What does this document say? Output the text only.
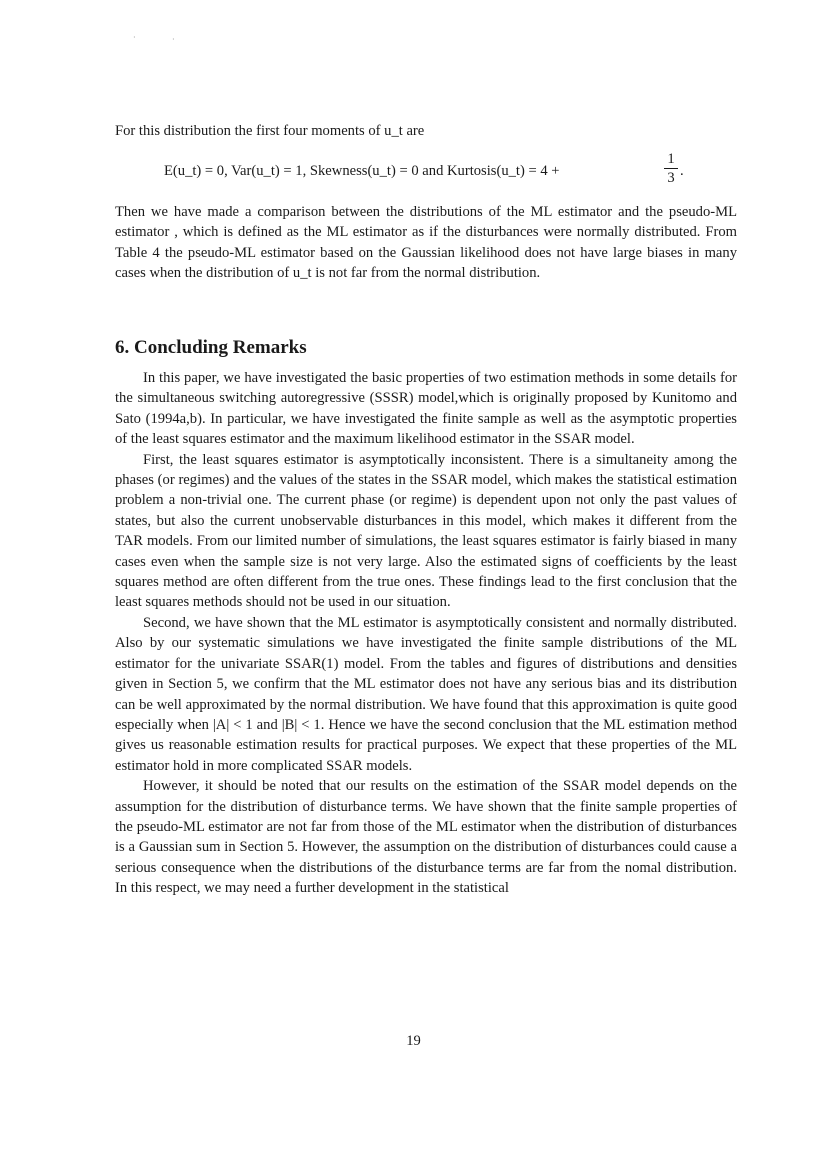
·	·

For this distribution the first four moments of u_t are

E(u_t) = 0, Var(u_t) = 1, Skewness(u_t) = 0 and Kurtosis(u_t) = 4 +	$\frac{1}{3}$ .

Then we have made a comparison between the distributions of the ML estimator and the pseudo-ML estimator , which is defined as the ML estimator as if the disturbances were normally distributed. From Table 4 the pseudo-ML estimator based on the Gaussian likelihood does not have large biases in many cases when the distribution of u_t is not far from the normal distribution.

6. Concluding Remarks

In this paper, we have investigated the basic properties of two estimation methods in some details for the simultaneous switching autoregressive (SSSR) model,which is originally proposed by Kunitomo and Sato (1994a,b). In particular, we have investigated the finite sample as well as the asymptotic properties of the least squares estimator and the maximum likelihood estimator in the SSAR model.

First, the least squares estimator is asymptotically inconsistent. There is a simultaneity among the phases (or regimes) and the values of the states in the SSAR model, which makes the statistical estimation problem a non-trivial one. The current phase (or regime) is dependent upon not only the past values of states, but also the current unobservable disturbances in this model, which makes it different from the TAR models. From our limited number of simulations, the least squares estimator is fairly biased in many cases even when the sample size is not very large. Also the estimated signs of coefficients by the least squares method are often different from the true ones. These findings lead to the first conclusion that the least squares methods should not be used in our situation.

Second, we have shown that the ML estimator is asymptotically consistent and normally distributed. Also by our systematic simulations we have investigated the finite sample distributions of the ML estimator for the univariate SSAR(1) model. From the tables and figures of distributions and densities given in Section 5, we confirm that the ML estimator does not have any serious bias and its distribution can be well approximated by the normal distribution. We have found that this approximation is quite good especially when |A| < 1 and |B| < 1. Hence we have the second conclusion that the ML estimation method gives us reasonable estimation results for practical purposes. We expect that these properties of the ML estimator hold in more complicated SSAR models.

However, it should be noted that our results on the estimation of the SSAR model depends on the assumption for the distribution of disturbance terms. We have shown that the finite sample properties of the pseudo-ML estimator are not far from those of the ML estimator when the distribution of disturbances is a Gaussian sum in Section 5. However, the assumption on the distribution of disturbances could cause a serious consequence when the distributions of the disturbance terms are far from the nomal distribution. In this respect, we may need a further development in the statistical

19
